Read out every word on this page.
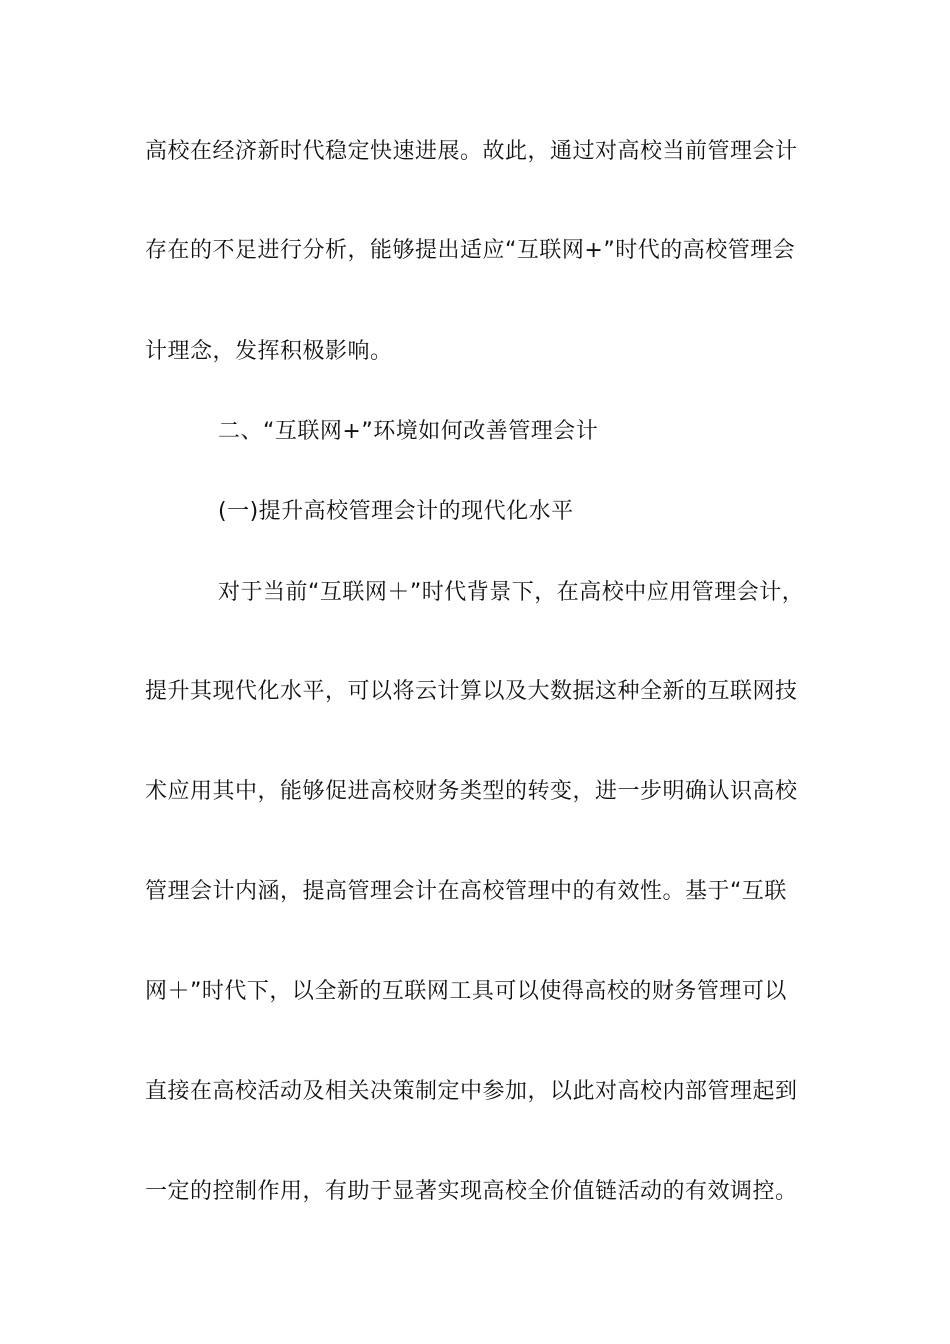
高校在经济新时代稳定快速进展。故此，通过对高校当前管理会计
存在的不足进行分析，能够提出适应“互联网+”时代的高校管理会
计理念，发挥积极影响。
二、“互联网+”环境如何改善管理会计
(一)提升高校管理会计的现代化水平
对于当前“互联网＋”时代背景下，在高校中应用管理会计，
提升其现代化水平，可以将云计算以及大数据这种全新的互联网技
术应用其中，能够促进高校财务类型的转变，进一步明确认识高校
管理会计内涵，提高管理会计在高校管理中的有效性。基于“互联
网＋”时代下，以全新的互联网工具可以使得高校的财务管理可以
直接在高校活动及相关决策制定中参加，以此对高校内部管理起到
一定的控制作用，有助于显著实现高校全价值链活动的有效调控。
